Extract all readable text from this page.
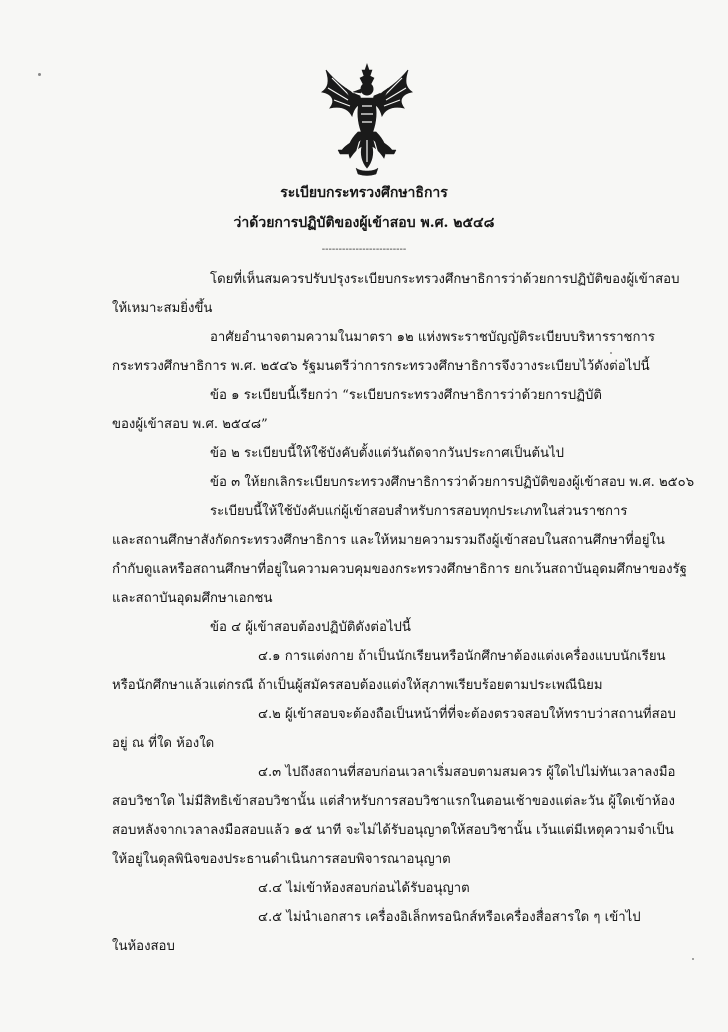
ระเบียบกระทรวงศึกษาธิการ
ว่าด้วยการปฏิบัติของผู้เข้าสอบ พ.ศ. ๒๕๔๘
-------------------------
โดยที่เห็นสมควรปรับปรุงระเบียบกระทรวงศึกษาธิการว่าด้วยการปฏิบัติของผู้เข้าสอบ
ให้เหมาะสมยิ่งขึ้น
อาศัยอำนาจตามความในมาตรา ๑๒ แห่งพระราชบัญญัติระเบียบบริหารราชการ
กระทรวงศึกษาธิการ พ.ศ. ๒๕๔๖ รัฐมนตรีว่าการกระทรวงศึกษาธิการจึงวางระเบียบไว้ดังต่อไปนี้
ข้อ ๑ ระเบียบนี้เรียกว่า “ระเบียบกระทรวงศึกษาธิการว่าด้วยการปฏิบัติ
ของผู้เข้าสอบ พ.ศ. ๒๕๔๘”
ข้อ ๒ ระเบียบนี้ให้ใช้บังคับตั้งแต่วันถัดจากวันประกาศเป็นต้นไป
ข้อ ๓ ให้ยกเลิกระเบียบกระทรวงศึกษาธิการว่าด้วยการปฏิบัติของผู้เข้าสอบ พ.ศ. ๒๕๐๖
ระเบียบนี้ให้ใช้บังคับแก่ผู้เข้าสอบสำหรับการสอบทุกประเภทในส่วนราชการ
และสถานศึกษาสังกัดกระทรวงศึกษาธิการ และให้หมายความรวมถึงผู้เข้าสอบในสถานศึกษาที่อยู่ใน
กำกับดูแลหรือสถานศึกษาที่อยู่ในความควบคุมของกระทรวงศึกษาธิการ ยกเว้นสถาบันอุดมศึกษาของรัฐ
และสถาบันอุดมศึกษาเอกชน
ข้อ ๔ ผู้เข้าสอบต้องปฏิบัติดังต่อไปนี้
๔.๑ การแต่งกาย ถ้าเป็นนักเรียนหรือนักศึกษาต้องแต่งเครื่องแบบนักเรียน
หรือนักศึกษาแล้วแต่กรณี ถ้าเป็นผู้สมัครสอบต้องแต่งให้สุภาพเรียบร้อยตามประเพณีนิยม
๔.๒ ผู้เข้าสอบจะต้องถือเป็นหน้าที่ที่จะต้องตรวจสอบให้ทราบว่าสถานที่สอบ
อยู่ ณ ที่ใด ห้องใด
๔.๓ ไปถึงสถานที่สอบก่อนเวลาเริ่มสอบตามสมควร ผู้ใดไปไม่ทันเวลาลงมือ
สอบวิชาใด ไม่มีสิทธิเข้าสอบวิชานั้น แต่สำหรับการสอบวิชาแรกในตอนเช้าของแต่ละวัน ผู้ใดเข้าห้อง
สอบหลังจากเวลาลงมือสอบแล้ว ๑๕ นาที จะไม่ได้รับอนุญาตให้สอบวิชานั้น เว้นแต่มีเหตุความจำเป็น
ให้อยู่ในดุลพินิจของประธานดำเนินการสอบพิจารณาอนุญาต
๔.๔ ไม่เข้าห้องสอบก่อนได้รับอนุญาต
๔.๕ ไม่นำเอกสาร เครื่องอิเล็กทรอนิกส์หรือเครื่องสื่อสารใด ๆ เข้าไป
ในห้องสอบ
